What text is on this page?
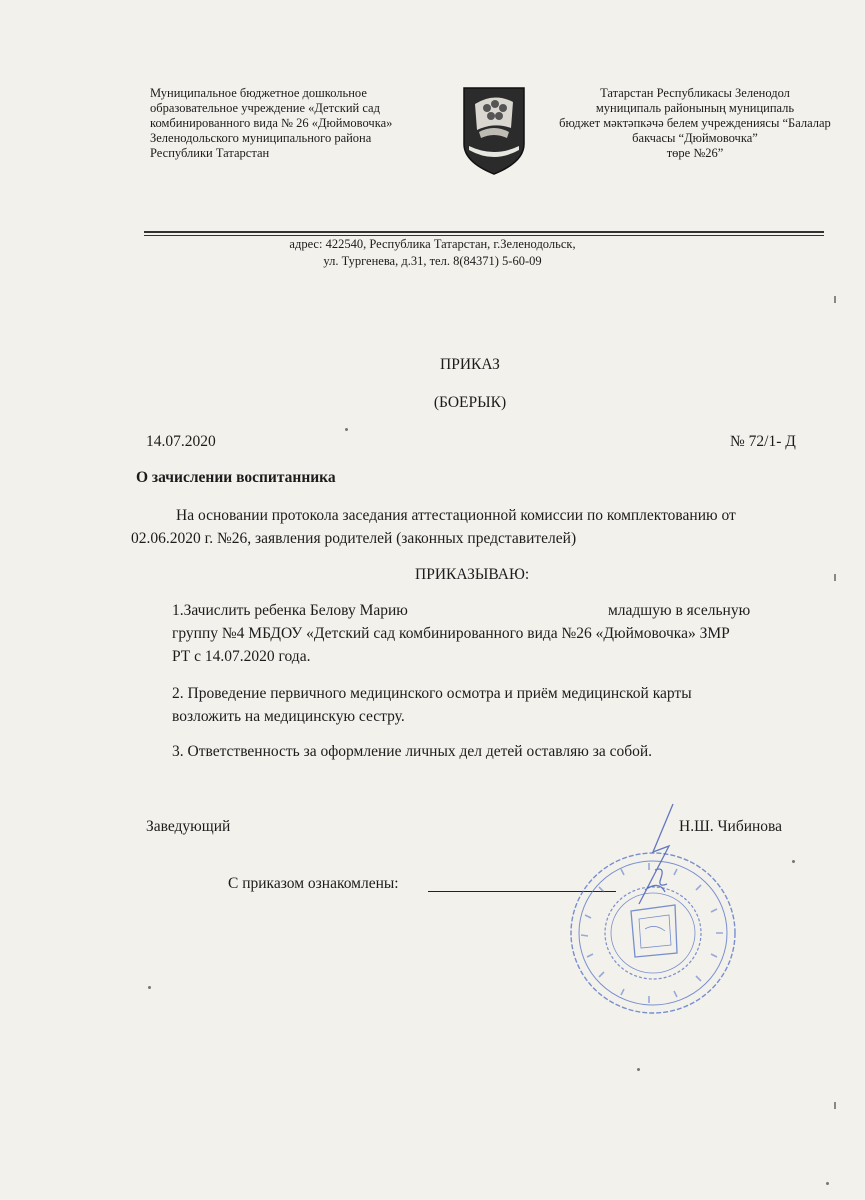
Муниципальное бюджетное дошкольное
образовательное учреждение «Детский сад
комбинированного вида № 26 «Дюймовочка»
Зеленодольского муниципального района
Республики Татарстан
Татарстан Республикасы Зеленодол
муниципаль районының муниципаль
бюджет мәктәпкәчә белем учреждениясы “Балалар
бакчасы “Дюймовочка”
төре №26”
адрес: 422540, Республика Татарстан, г.Зеленодольск,
ул. Тургенева, д.31, тел. 8(84371) 5-60-09
ПРИКАЗ
(БОЕРЫК)
14.07.2020	№ 72/1- Д
О зачислении воспитанника
На основании протокола заседания аттестационной комиссии по комплектованию от
02.06.2020 г. №26, заявления родителей (законных представителей)
ПРИКАЗЫВАЮ:
1.Зачислить ребенка Белову Марию	младшую в ясельную
группу №4 МБДОУ «Детский сад комбинированного вида №26 «Дюймовочка» ЗМР
РТ с 14.07.2020 года.
2. Проведение первичного медицинского осмотра и приём медицинской карты
возложить на медицинскую сестру.
3. Ответственность за оформление личных дел детей оставляю за собой.
Заведующий	Н.Ш. Чибинова
С приказом ознакомлены:
